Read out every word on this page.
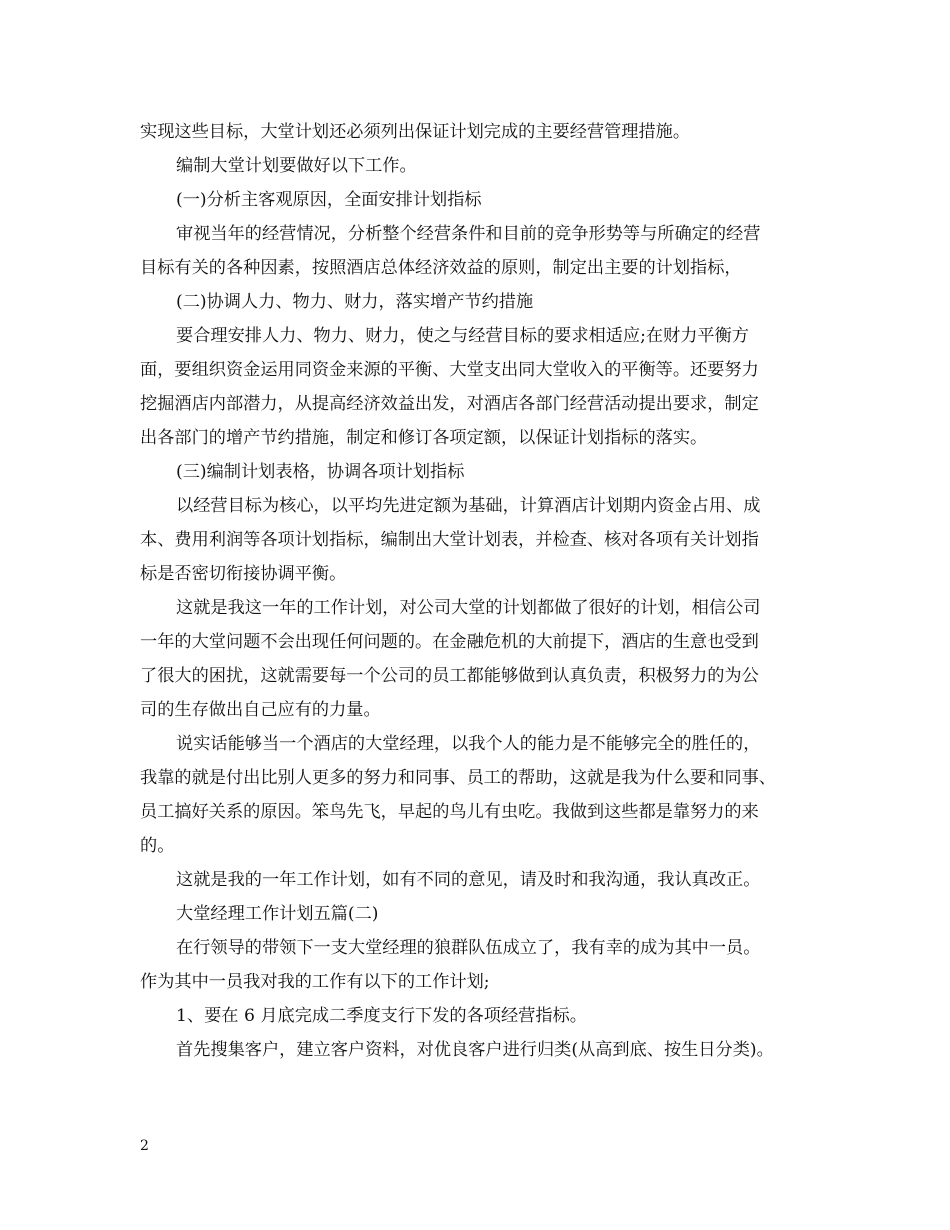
实现这些目标，大堂计划还必须列出保证计划完成的主要经营管理措施。
编制大堂计划要做好以下工作。
(一)分析主客观原因，全面安排计划指标
审视当年的经营情况，分析整个经营条件和目前的竞争形势等与所确定的经营
目标有关的各种因素，按照酒店总体经济效益的原则，制定出主要的计划指标，
(二)协调人力、物力、财力，落实增产节约措施
要合理安排人力、物力、财力，使之与经营目标的要求相适应;在财力平衡方
面，要组织资金运用同资金来源的平衡、大堂支出同大堂收入的平衡等。还要努力
挖掘酒店内部潜力，从提高经济效益出发，对酒店各部门经营活动提出要求，制定
出各部门的增产节约措施，制定和修订各项定额，以保证计划指标的落实。
(三)编制计划表格，协调各项计划指标
以经营目标为核心，以平均先进定额为基础，计算酒店计划期内资金占用、成
本、费用利润等各项计划指标，编制出大堂计划表，并检查、核对各项有关计划指
标是否密切衔接协调平衡。
这就是我这一年的工作计划，对公司大堂的计划都做了很好的计划，相信公司
一年的大堂问题不会出现任何问题的。在金融危机的大前提下，酒店的生意也受到
了很大的困扰，这就需要每一个公司的员工都能够做到认真负责，积极努力的为公
司的生存做出自己应有的力量。
说实话能够当一个酒店的大堂经理，以我个人的能力是不能够完全的胜任的，
我靠的就是付出比别人更多的努力和同事、员工的帮助，这就是我为什么要和同事、
员工搞好关系的原因。笨鸟先飞，早起的鸟儿有虫吃。我做到这些都是靠努力的来
的。
这就是我的一年工作计划，如有不同的意见，请及时和我沟通，我认真改正。
大堂经理工作计划五篇(二)
在行领导的带领下一支大堂经理的狼群队伍成立了，我有幸的成为其中一员。
作为其中一员我对我的工作有以下的工作计划;
1、要在 6 月底完成二季度支行下发的各项经营指标。
首先搜集客户，建立客户资料，对优良客户进行归类(从高到底、按生日分类)。
2
